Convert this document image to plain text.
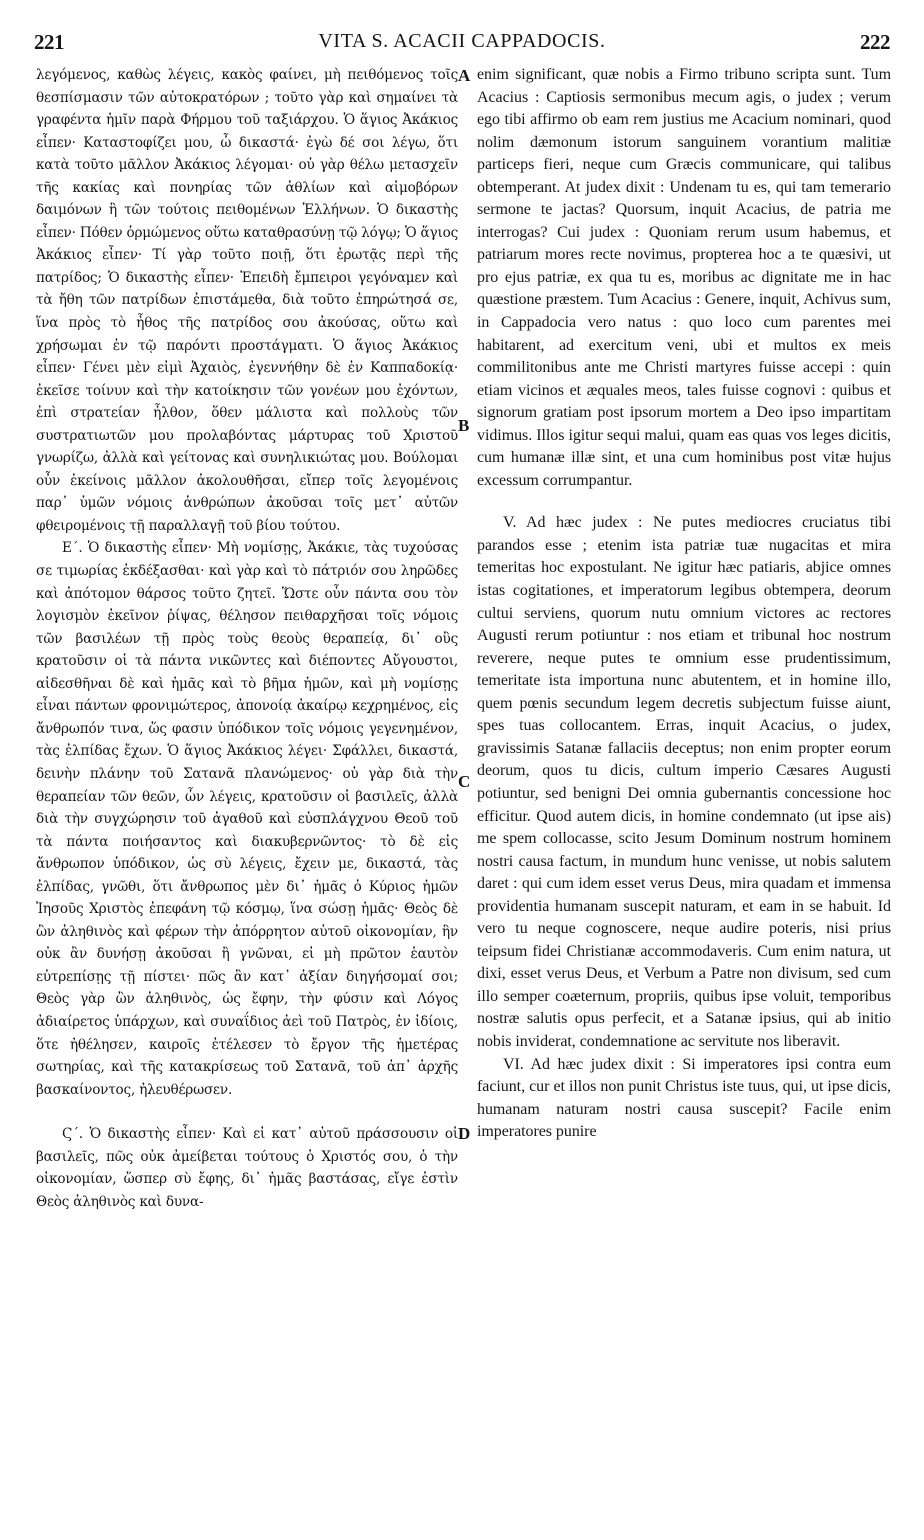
221	VITA S. ACACII CAPPADOCIS.	222

λεγόμενος, καθὼς λέγεις, κακὸς φαίνει, μὴ πειθόμενος τοῖς θεσπίσμασιν τῶν αὐτοκρατόρων ; τοῦτο γὰρ καὶ σημαίνει τὰ γραφέντα ἡμῖν παρὰ Φήρμου τοῦ ταξιάρχου. Ὁ ἅγιος Ἀκάκιος εἶπεν· Καταστοφίζει μου, ὦ δικαστά· ἐγὼ δέ σοι λέγω, ὅτι κατὰ τοῦτο μᾶλλον Ἀκάκιος λέγομαι· οὐ γὰρ θέλω μετασχεῖν τῆς κακίας καὶ πονηρίας τῶν ἀθλίων καὶ αἱμοβόρων δαιμόνων ἢ τῶν τούτοις πειθομένων Ἑλλήνων. Ὁ δικαστὴς εἶπεν· Πόθεν ὁρμώμενος οὕτω καταθρασύνῃ τῷ λόγῳ; Ὁ ἅγιος Ἀκάκιος εἶπεν· Τί γὰρ τοῦτο ποιῇ, ὅτι ἐρωτᾷς περὶ τῆς πατρίδος; Ὁ δικαστὴς εἶπεν· Ἐπειδὴ ἔμπειροι γεγόναμεν καὶ τὰ ἤθη τῶν πατρίδων ἐπιστάμεθα, διὰ τοῦτο ἐπηρώτησά σε, ἵνα πρὸς τὸ ἦθος τῆς πατρίδος σου ἀκούσας, οὕτω καὶ χρήσωμαι ἐν τῷ παρόντι προστάγματι. Ὁ ἅγιος Ἀκάκιος εἶπεν· Γένει μὲν εἰμὶ Ἀχαιὸς, ἐγεννήθην δὲ ἐν Καππαδοκίᾳ· ἐκεῖσε τοίνυν καὶ τὴν κατοίκησιν τῶν γονέων μου ἐχόντων, ἐπὶ στρατείαν ἦλθον, ὅθεν μάλιστα καὶ πολλοὺς τῶν συστρατιωτῶν μου προλαβόντας μάρτυρας τοῦ Χριστοῦ γνωρίζω, ἀλλὰ καὶ γείτονας καὶ συνηλικιώτας μου. Βούλομαι οὖν ἐκείνοις μᾶλλον ἀκολουθῆσαι, εἴπερ τοῖς λεγομένοις παρ᾽ ὑμῶν νόμοις ἀνθρώπων ἀκοῦσαι τοῖς μετ᾽ αὐτῶν φθειρομένοις τῇ παραλλαγῇ τοῦ βίου τούτου.

Ε΄. Ὁ δικαστὴς εἶπεν· Μὴ νομίσῃς, Ἀκάκιε, τὰς τυχούσας σε τιμωρίας ἐκδέξασθαι· καὶ γὰρ καὶ τὸ πάτριόν σου ληρῶδες καὶ ἀπότομον θάρσος τοῦτο ζητεῖ. Ὥστε οὖν πάντα σου τὸν λογισμὸν ἐκεῖνον ῥίψας, θέλησον πειθαρχῆσαι τοῖς νόμοις τῶν βασιλέων τῇ πρὸς τοὺς θεοὺς θεραπείᾳ, δι᾽ οὓς κρατοῦσιν οἱ τὰ πάντα νικῶντες καὶ διέποντες Αὔγουστοι, αἰδεσθῆναι δὲ καὶ ἡμᾶς καὶ τὸ βῆμα ἡμῶν, καὶ μὴ νομίσῃς εἶναι πάντων φρονιμώτερος, ἀπονοίᾳ ἀκαίρῳ κεχρημένος, εἰς ἄνθρωπόν τινα, ὥς φασιν ὑπόδικον τοῖς νόμοις γεγενημένον, τὰς ἐλπίδας ἔχων. Ὁ ἅγιος Ἀκάκιος λέγει· Σφάλλει, δικαστά, δεινὴν πλάνην τοῦ Σατανᾶ πλανώμενος· οὐ γὰρ διὰ τὴν θεραπείαν τῶν θεῶν, ὧν λέγεις, κρατοῦσιν οἱ βασιλεῖς, ἀλλὰ διὰ τὴν συγχώρησιν τοῦ ἀγαθοῦ καὶ εὐσπλάγχνου Θεοῦ τοῦ τὰ πάντα ποιήσαντος καὶ διακυβερνῶντος· τὸ δὲ εἰς ἄνθρωπον ὑπόδικον, ὡς σὺ λέγεις, ἔχειν με, δικαστά, τὰς ἐλπίδας, γνῶθι, ὅτι ἄνθρωπος μὲν δι᾽ ἡμᾶς ὁ Κύριος ἡμῶν Ἰησοῦς Χριστὸς ἐπεφάνη τῷ κόσμῳ, ἵνα σώσῃ ἡμᾶς· Θεὸς δὲ ὢν ἀληθινὸς καὶ φέρων τὴν ἀπόρρητον αὐτοῦ οἰκονομίαν, ἣν οὐκ ἂν δυνήσῃ ἀκοῦσαι ἢ γνῶναι, εἰ μὴ πρῶτον ἑαυτὸν εὐτρεπίσῃς τῇ πίστει· πῶς ἂν κατ᾽ ἀξίαν διηγήσομαί σοι; Θεὸς γὰρ ὢν ἀληθινὸς, ὡς ἔφην, τὴν φύσιν καὶ Λόγος ἀδιαίρετος ὑπάρχων, καὶ συναΐδιος ἀεὶ τοῦ Πατρὸς, ἐν ἰδίοις, ὅτε ἠθέλησεν, καιροῖς ἐτέλεσεν τὸ ἔργον τῆς ἡμετέρας σωτηρίας, καὶ τῆς κατακρίσεως τοῦ Σατανᾶ, τοῦ ἀπ᾽ ἀρχῆς βασκαίνοντος, ἠλευθέρωσεν.

Ϛ΄. Ὁ δικαστὴς εἶπεν· Καὶ εἰ κατ᾽ αὐτοῦ πράσσουσιν οἱ βασιλεῖς, πῶς οὐκ ἀμείβεται τούτους ὁ Χριστός σου, ὁ τὴν οἰκονομίαν, ὥσπερ σὺ ἔφης, δι᾽ ἡμᾶς βαστάσας, εἴγε ἐστὶν Θεὸς ἀληθινὸς καὶ δυνα-

A
B
C
D

enim significant, quæ nobis a Firmo tribuno scripta sunt. Tum Acacius : Captiosis sermonibus mecum agis, o judex ; verum ego tibi affirmo ob eam rem justius me Acacium nominari, quod nolim dæmonum istorum sanguinem vorantium malitiæ particeps fieri, neque cum Græcis communicare, qui talibus obtemperant. At judex dixit : Undenam tu es, qui tam temerario sermone te jactas? Quorsum, inquit Acacius, de patria me interrogas? Cui judex : Quoniam rerum usum habemus, et patriarum mores recte novimus, propterea hoc a te quæsivi, ut pro ejus patriæ, ex qua tu es, moribus ac dignitate me in hac quæstione præstem. Tum Acacius : Genere, inquit, Achivus sum, in Cappadocia vero natus : quo loco cum parentes mei habitarent, ad exercitum veni, ubi et multos ex meis commilitonibus ante me Christi martyres fuisse accepi : quin etiam vicinos et æquales meos, tales fuisse cognovi : quibus et signorum gratiam post ipsorum mortem a Deo ipso impartitam vidimus. Illos igitur sequi malui, quam eas quas vos leges dicitis, cum humanæ illæ sint, et una cum hominibus post vitæ hujus excessum corrumpantur.

V. Ad hæc judex : Ne putes mediocres cruciatus tibi parandos esse ; etenim ista patriæ tuæ nugacitas et mira temeritas hoc expostulant. Ne igitur hæc patiaris, abjice omnes istas cogitationes, et imperatorum legibus obtempera, deorum cultui serviens, quorum nutu omnium victores ac rectores Augusti rerum potiuntur : nos etiam et tribunal hoc nostrum reverere, neque putes te omnium esse prudentissimum, temeritate ista importuna nunc abutentem, et in homine illo, quem pœnis secundum legem decretis subjectum fuisse aiunt, spes tuas collocantem. Erras, inquit Acacius, o judex, gravissimis Satanæ fallaciis deceptus; non enim propter eorum deorum, quos tu dicis, cultum imperio Cæsares Augusti potiuntur, sed benigni Dei omnia gubernantis concessione hoc efficitur. Quod autem dicis, in homine condemnato (ut ipse ais) me spem collocasse, scito Jesum Dominum nostrum hominem nostri causa factum, in mundum hunc venisse, ut nobis salutem daret : qui cum idem esset verus Deus, mira quadam et immensa providentia humanam suscepit naturam, et eam in se habuit. Id vero tu neque cognoscere, neque audire poteris, nisi prius teipsum fidei Christianæ accommodaveris. Cum enim natura, ut dixi, esset verus Deus, et Verbum a Patre non divisum, sed cum illo semper coæternum, propriis, quibus ipse voluit, temporibus nostræ salutis opus perfecit, et a Satanæ ipsius, qui ab initio nobis inviderat, condemnatione ac servitute nos liberavit.

VI. Ad hæc judex dixit : Si imperatores ipsi contra eum faciunt, cur et illos non punit Christus iste tuus, qui, ut ipse dicis, humanam naturam nostri causa suscepit? Facile enim imperatores punire
